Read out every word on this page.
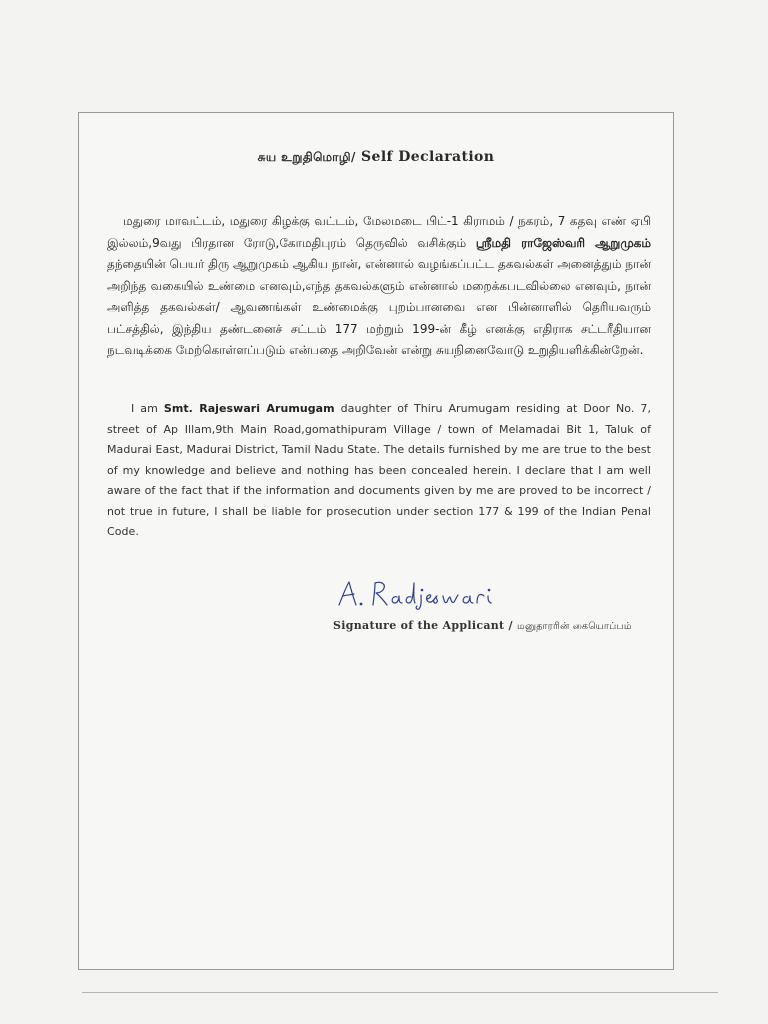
சுய உறுதிமொழி/ Self Declaration
மதுரை மாவட்டம், மதுரை கிழக்கு வட்டம், மேலமடை பிட்-1 கிராமம் / நகரம், 7 கதவு எண் ஏபி இல்லம்,9வது பிரதான ரோடு,கோமதிபுரம் தெருவில் வசிக்கும் ஸ்ரீமதி ராஜேஸ்வரி ஆறுமுகம் தந்தையின் பெயர் திரு ஆறுமுகம் ஆகிய நான், என்னால் வழங்கப்பட்ட தகவல்கள் அனைத்தும் நான் அறிந்த வகையில் உண்மை எனவும்,எந்த தகவல்களும் என்னால் மறைக்கபடவில்லை எனவும், நான் அளித்த தகவல்கள்/ ஆவணங்கள் உண்மைக்கு புறம்பானவை என பின்னாளில் தெரியவரும் பட்சத்தில், இந்திய தண்டனைச் சட்டம் 177 மற்றும் 199-ன் கீழ் எனக்கு எதிராக சட்டரீதியான நடவடிக்கை மேற்கொள்ளப்படும் என்பதை அறிவேன் என்று சுயநினைவோடு உறுதியளிக்கின்றேன்.
I am Smt. Rajeswari Arumugam daughter of Thiru Arumugam residing at Door No. 7, street of Ap Illam,9th Main Road,gomathipuram Village / town of Melamadai Bit 1, Taluk of Madurai East, Madurai District, Tamil Nadu State. The details furnished by me are true to the best of my knowledge and believe and nothing has been concealed herein. I declare that I am well aware of the fact that if the information and documents given by me are proved to be incorrect / not true in future, I shall be liable for prosecution under section 177 & 199 of the Indian Penal Code.
Signature of the Applicant / மனுதாரரின் கையொப்பம்
